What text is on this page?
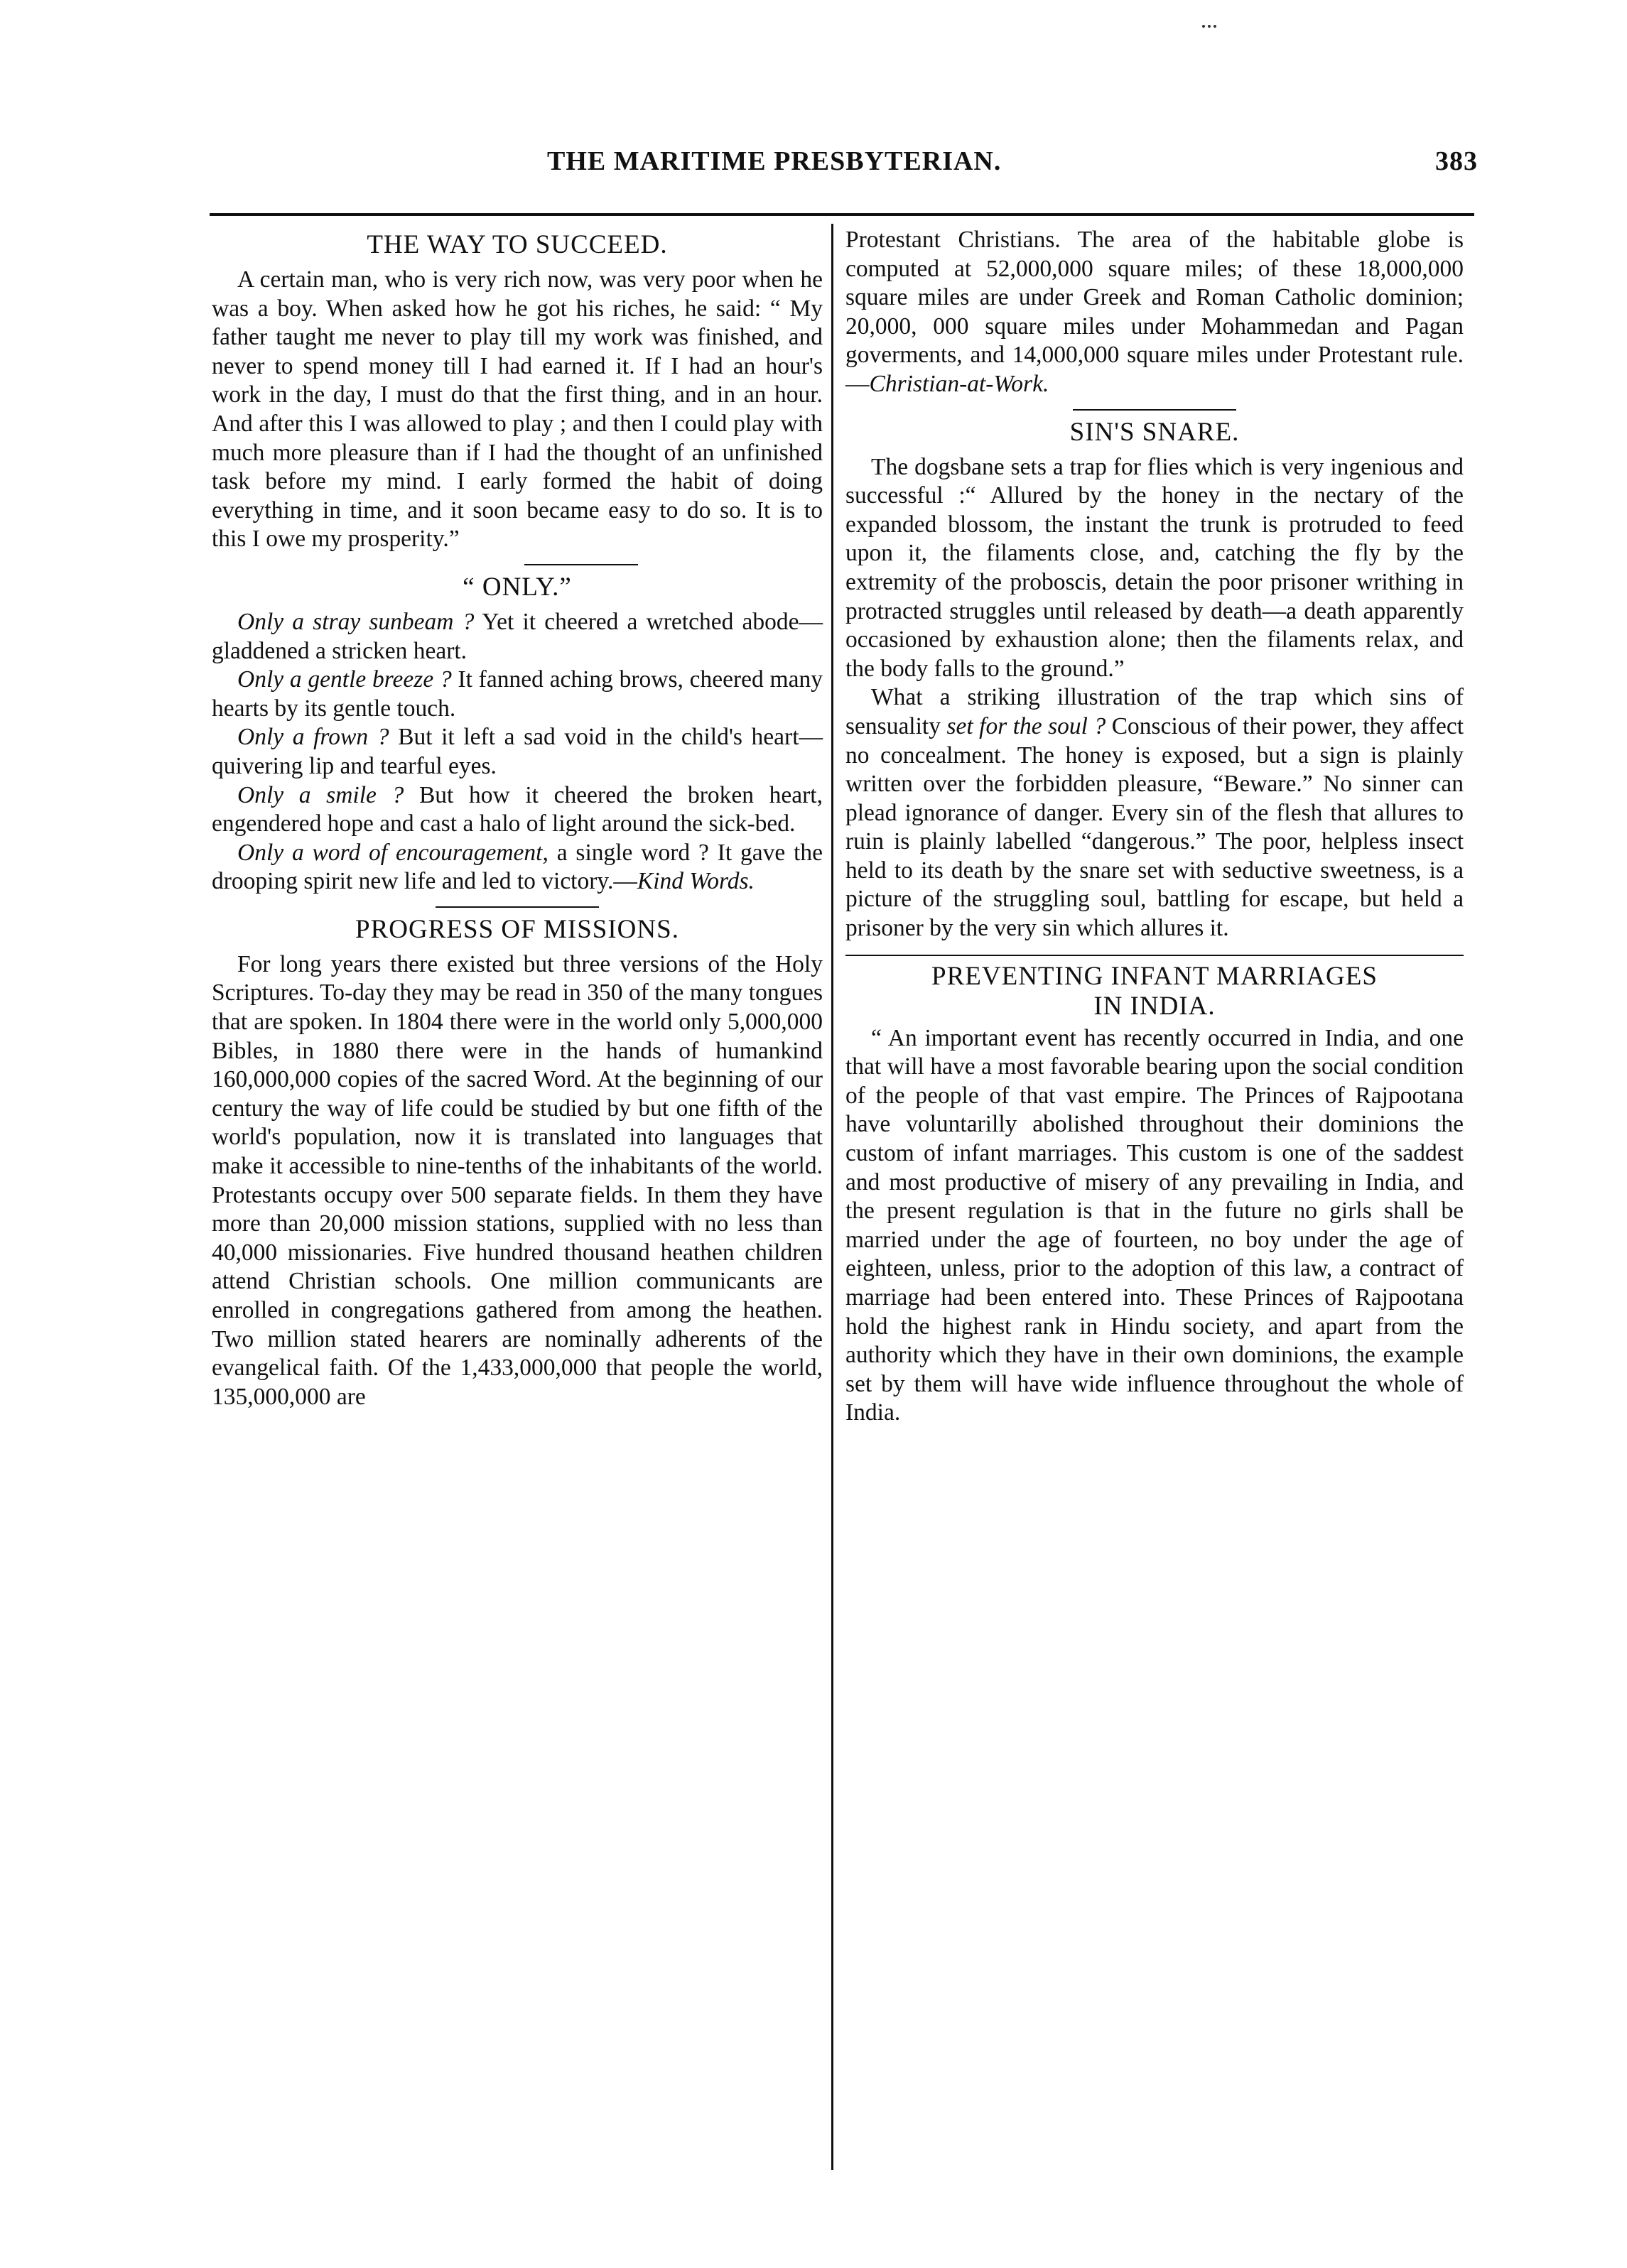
THE MARITIME PRESBYTERIAN.	383
THE WAY TO SUCCEED.

A certain man, who is very rich now, was very poor when he was a boy. When asked how he got his riches, he said: “ My father taught me never to play till my work was finished, and never to spend money till I had earned it. If I had an hour's work in the day, I must do that the first thing, and in an hour. And after this I was allowed to play ; and then I could play with much more pleasure than if I had the thought of an unfinished task before my mind. I early formed the habit of doing everything in time, and it soon became easy to do so. It is to this I owe my prosperity.”

“ ONLY.”

Only a stray sunbeam ? Yet it cheered a wretched abode—gladdened a stricken heart.

Only a gentle breeze ? It fanned aching brows, cheered many hearts by its gentle touch.

Only a frown ? But it left a sad void in the child's heart—quivering lip and tearful eyes.

Only a smile ? But how it cheered the broken heart, engendered hope and cast a halo of light around the sick-bed.

Only a word of encouragement, a single word ? It gave the drooping spirit new life and led to victory.—Kind Words.

PROGRESS OF MISSIONS.

For long years there existed but three versions of the Holy Scriptures. To-day they may be read in 350 of the many tongues that are spoken. In 1804 there were in the world only 5,000,000 Bibles, in 1880 there were in the hands of humankind 160,000,000 copies of the sacred Word. At the beginning of our century the way of life could be studied by but one fifth of the world's population, now it is translated into languages that make it accessible to nine-tenths of the inhabitants of the world. Protestants occupy over 500 separate fields. In them they have more than 20,000 mission stations, supplied with no less than 40,000 missionaries. Five hundred thousand heathen children attend Christian schools. One million communicants are enrolled in congregations gathered from among the heathen. Two million stated hearers are nominally adherents of the evangelical faith. Of the 1,433,000,000 that people the world, 135,000,000 are

Protestant Christians. The area of the habitable globe is computed at 52,000,000 square miles; of these 18,000,000 square miles are under Greek and Roman Catholic dominion; 20,000, 000 square miles under Mohammedan and Pagan goverments, and 14,000,000 square miles under Protestant rule.—Christian-at-Work.

SIN'S SNARE.

The dogsbane sets a trap for flies which is very ingenious and successful :“ Allured by the honey in the nectary of the expanded blossom, the instant the trunk is protruded to feed upon it, the filaments close, and, catching the fly by the extremity of the proboscis, detain the poor prisoner writhing in protracted struggles until released by death—a death apparently occasioned by exhaustion alone; then the filaments relax, and the body falls to the ground.”

What a striking illustration of the trap which sins of sensuality set for the soul ? Conscious of their power, they affect no concealment. The honey is exposed, but a sign is plainly written over the forbidden pleasure, “Beware.” No sinner can plead ignorance of danger. Every sin of the flesh that allures to ruin is plainly labelled “dangerous.” The poor, helpless insect held to its death by the snare set with seductive sweetness, is a picture of the struggling soul, battling for escape, but held a prisoner by the very sin which allures it.

PREVENTING INFANT MARRIAGES
IN INDIA.

“ An important event has recently occurred in India, and one that will have a most favorable bearing upon the social condition of the people of that vast empire. The Princes of Rajpootana have voluntarilly abolished throughout their dominions the custom of infant marriages. This custom is one of the saddest and most productive of misery of any prevailing in India, and the present regulation is that in the future no girls shall be married under the age of fourteen, no boy under the age of eighteen, unless, prior to the adoption of this law, a contract of marriage had been entered into. These Princes of Rajpootana hold the highest rank in Hindu society, and apart from the authority which they have in their own dominions, the example set by them will have wide influence throughout the whole of India.
